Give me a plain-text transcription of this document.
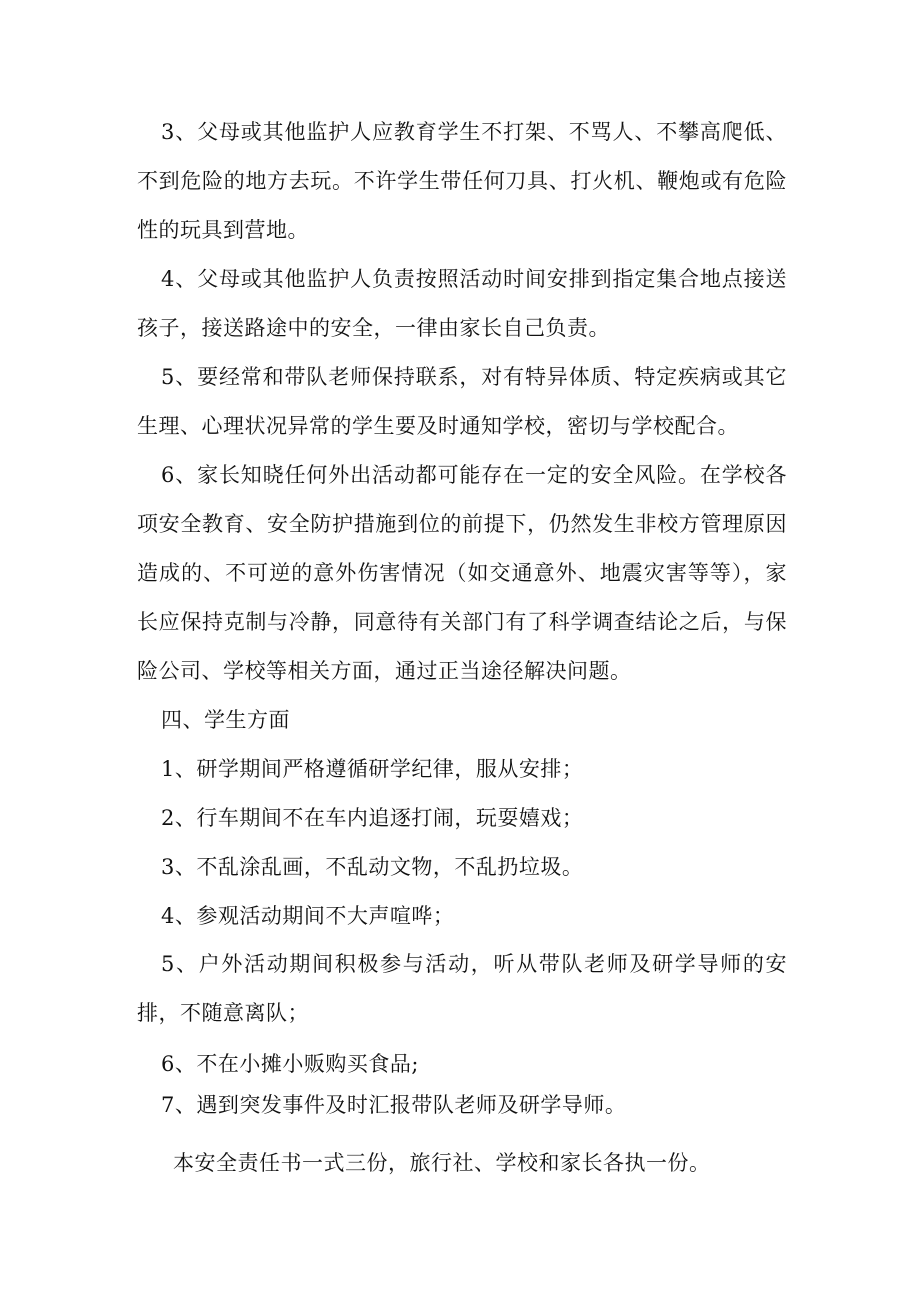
3、父母或其他监护人应教育学生不打架、不骂人、不攀高爬低、不到危险的地方去玩。不许学生带任何刀具、打火机、鞭炮或有危险性的玩具到营地。

4、父母或其他监护人负责按照活动时间安排到指定集合地点接送孩子，接送路途中的安全，一律由家长自己负责。

5、要经常和带队老师保持联系，对有特异体质、特定疾病或其它生理、心理状况异常的学生要及时通知学校，密切与学校配合。

6、家长知晓任何外出活动都可能存在一定的安全风险。在学校各项安全教育、安全防护措施到位的前提下，仍然发生非校方管理原因造成的、不可逆的意外伤害情况（如交通意外、地震灾害等等），家长应保持克制与冷静，同意待有关部门有了科学调查结论之后，与保险公司、学校等相关方面，通过正当途径解决问题。

四、学生方面

1、研学期间严格遵循研学纪律，服从安排；

2、行车期间不在车内追逐打闹，玩耍嬉戏；

3、不乱涂乱画，不乱动文物，不乱扔垃圾。

4、参观活动期间不大声喧哗；

5、户外活动期间积极参与活动，听从带队老师及研学导师的安排，不随意离队；

6、不在小摊小贩购买食品;

7、遇到突发事件及时汇报带队老师及研学导师。

本安全责任书一式三份，旅行社、学校和家长各执一份。
